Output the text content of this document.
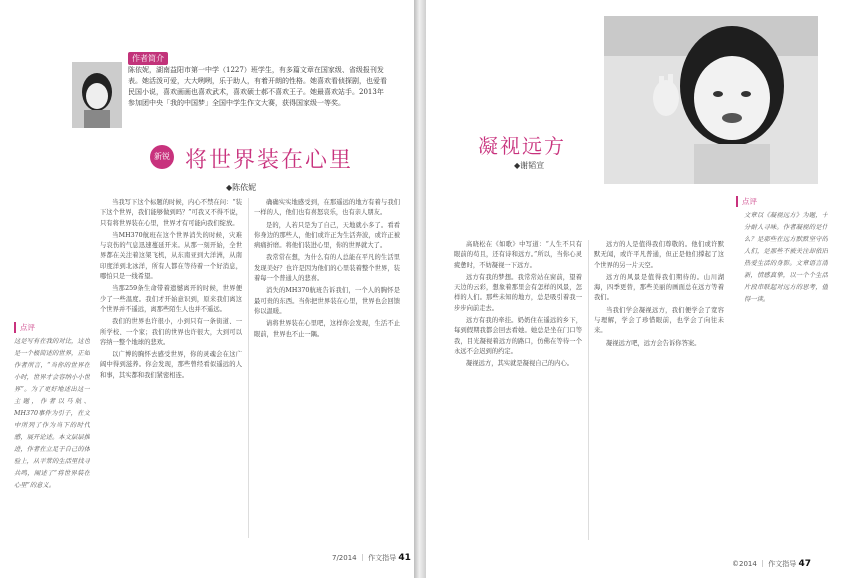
作者简介
陈依妮，湖南益阳市第一中学（1227）班学生，有多篇文章在国家级、省级报刊发表。她活泼可爱，大大咧咧，乐于助人，有着开朗的性格。她喜欢看侦探剧，也爱看民国小说，喜欢画画也喜欢武术，喜欢硕士郝不喜欢王子。她最喜欢站手。2013年参加团中央「我的中国梦」全国中学生作文大赛，获得国家级一等奖。
新锐 将世界装在心里
◆陈依妮
点评
这是写有在我的对比，这也是一个极简述的世界，正如作者所言，“当你的世界在小时，世界才会容纳小小世界”。为了更好地述出这一主题，作者以马航、MH370事件为引子，在文中所列了作为当下的时代感，展开论述。本文层层推进，作者在立足于自己的体验上，从平常的生活里找寻共鸣，阐述了“将世界装在心里”的意义。

当我写下这个标题的时候，内心不禁在问：“装下这个世界，我们能够做到吗？”可我又不得不说，只有将世界装在心里，世界才有可能向我们绽放。

当MH370航班在这个世界消失的时候，灾难与哀伤的气息迅速蔓延开来。从那一刻开始，全世界都在关注着这架飞机，从东南亚到大洋洲，从南印度洋到北冰洋，所有人都在等待着一个好消息，哪怕只是一线希望。

当那259条生命带着遗憾离开的时候，世界便少了一些温度。我们才开始意识到，原来我们离这个世界并不遥远，离那些陌生人也并不遥远。

我们的世界也许很小，小到只有一条街道、一所学校、一个家；我们的世界也许很大，大到可以容纳一整个地球的悲欢。

以广博的胸怀去感受世界，你的灵魂会在这广阔中得到滋养。你会发现，那些曾经看似遥远的人和事，其实都和我们紧密相连。

确确实实地感受到，在那遥远的地方有着与我们一样的人，他们也有喜怒哀乐，也有亲人朋友。

是的，人若只是为了自己，天地就小多了。看看你身边的那些人，他们或许正为生活奔波，或许正被病痛折磨。将他们装进心里，你的世界就大了。

我常常在想，为什么有的人总能在平凡的生活里发现美好？也许是因为他们的心里装着整个世界，装着每一个普通人的悲喜。

消失的MH370航班告诉我们，一个人的胸怀是最可贵的东西。当你把世界装在心里，世界也会回馈你以温暖。

请将世界装在心里吧，这样你会发现，生活不止眼前，世界也不止一隅。

7/2014 ｜ 作文指导 41
凝视远方
◆谢韬宣

高晓松在《如歌》中写道：“人生不只有眼前的苟且，还有诗和远方。”所以，当你心灵疲惫时，不妨凝视一下远方。

远方有我的梦想。我常常站在窗前，望着天边的云彩，想象着那里会有怎样的风景，怎样的人们。那些未知的地方，总是吸引着我一步步向前走去。

远方有我的牵挂。奶奶住在遥远的乡下，每到假期我都会回去看她。她总是坐在门口等我，目光凝视着远方的路口，仿佛在等待一个永远不会迟到的约定。

凝视远方，其实就是凝视自己的内心。

远方的人是值得我们尊敬的。他们或许默默无闻，或许平凡普通，但正是他们撑起了这个世界的另一片天空。

远方的风景是值得我们期待的。山川湖海，四季更替，那些美丽的画面总在远方等着我们。

当我们学会凝视远方，我们便学会了宽容与理解，学会了珍惜眼前，也学会了向往未来。

凝视远方吧，远方会告诉你答案。

点评
文章以《凝视远方》为题，十分耐人寻味。作者凝视的是什么？是那些在远方默默坚守的人们，是那些不被关注却依旧热爱生活的身影。文章语言清新，情感真挚，以一个个生活片段串联起对远方的思考，值得一读。
©2014 ｜ 作文指导 47
